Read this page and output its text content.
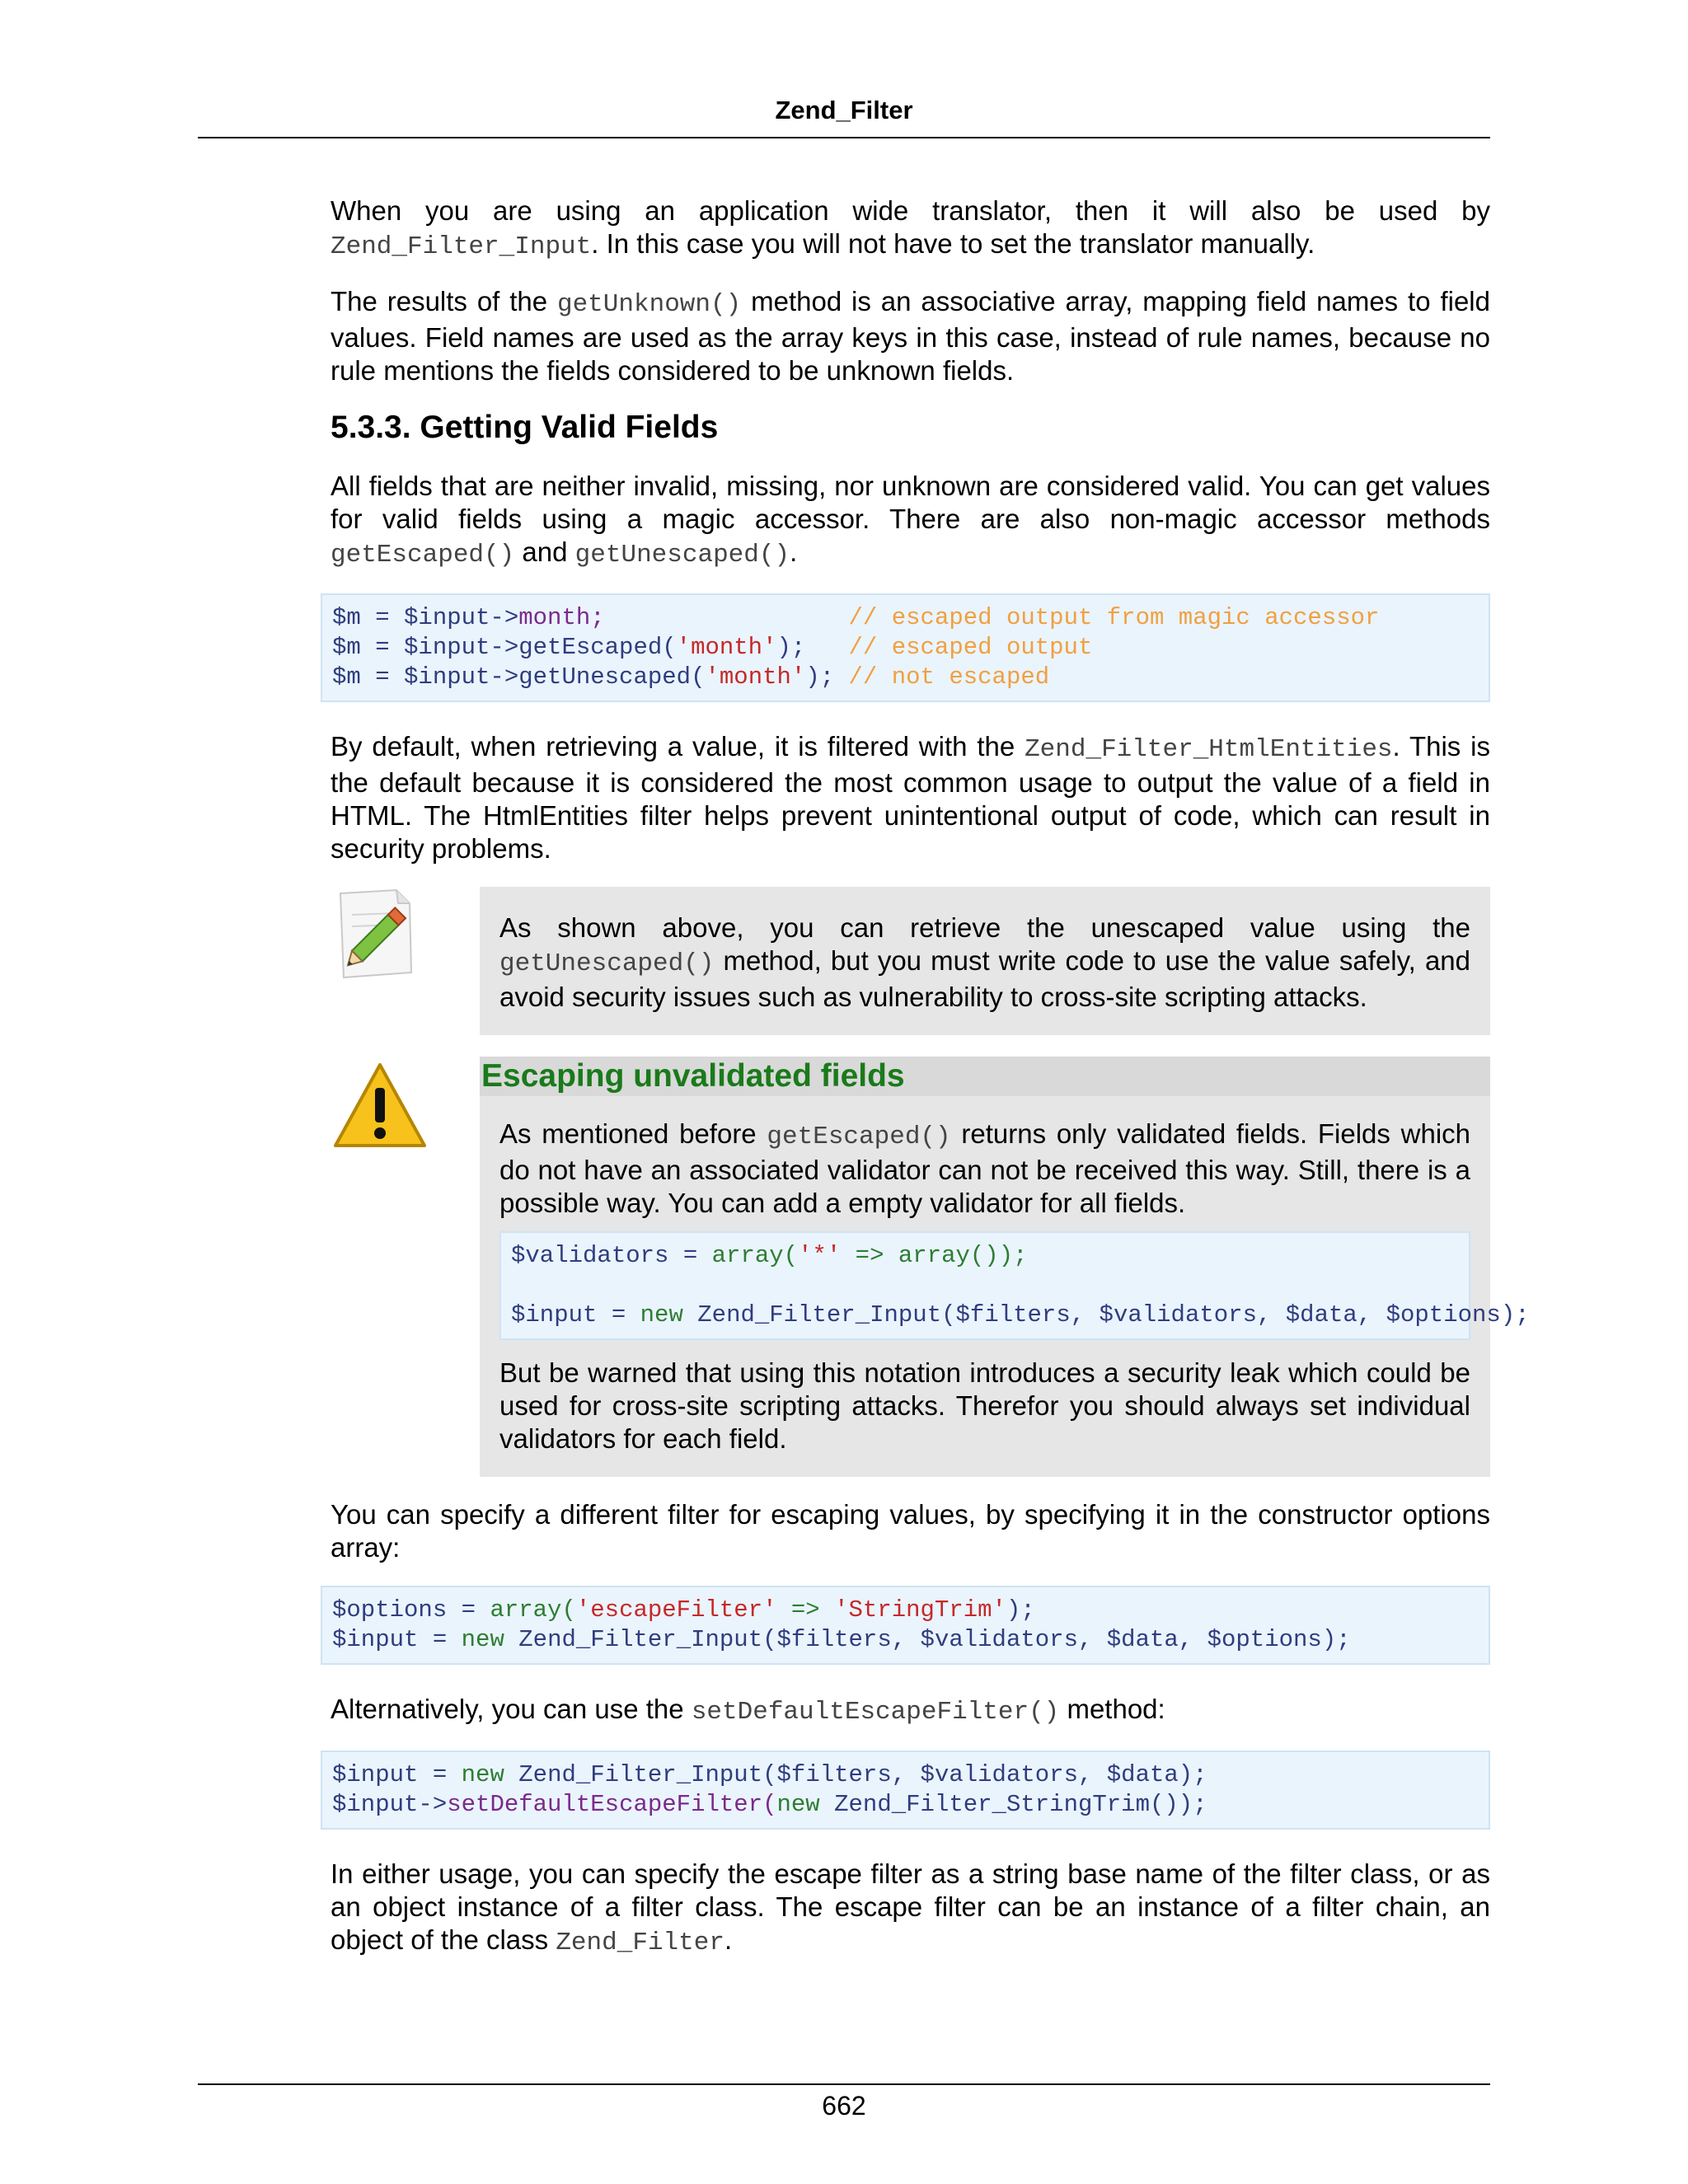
Zend_Filter

When you are using an application wide translator, then it will also be used by Zend_Filter_Input. In this case you will not have to set the translator manually.

The results of the getUnknown() method is an associative array, mapping field names to field values. Field names are used as the array keys in this case, instead of rule names, because no rule mentions the fields considered to be unknown fields.

5.3.3. Getting Valid Fields

All fields that are neither invalid, missing, nor unknown are considered valid. You can get values for valid fields using a magic accessor. There are also non-magic accessor methods getEscaped() and getUnescaped().

$m = $input->month;	// escaped output from magic accessor
$m = $input->getEscaped('month');   // escaped output
$m = $input->getUnescaped('month'); // not escaped

By default, when retrieving a value, it is filtered with the Zend_Filter_HtmlEntities. This is the default because it is considered the most common usage to output the value of a field in HTML. The HtmlEntities filter helps prevent unintentional output of code, which can result in security problems.

As shown above, you can retrieve the unescaped value using the getUnescaped() method, but you must write code to use the value safely, and avoid security issues such as vulnerability to cross-site scripting attacks.

Escaping unvalidated fields

As mentioned before getEscaped() returns only validated fields. Fields which do not have an associated validator can not be received this way. Still, there is a possible way. You can add a empty validator for all fields.

$validators = array('*' => array());

$input = new Zend_Filter_Input($filters, $validators, $data, $options);

But be warned that using this notation introduces a security leak which could be used for cross-site scripting attacks. Therefor you should always set individual validators for each field.

You can specify a different filter for escaping values, by specifying it in the constructor options array:

$options = array('escapeFilter' => 'StringTrim');
$input = new Zend_Filter_Input($filters, $validators, $data, $options);

Alternatively, you can use the setDefaultEscapeFilter() method:

$input = new Zend_Filter_Input($filters, $validators, $data);
$input->setDefaultEscapeFilter(new Zend_Filter_StringTrim());

In either usage, you can specify the escape filter as a string base name of the filter class, or as an object instance of a filter class. The escape filter can be an instance of a filter chain, an object of the class Zend_Filter.

662
